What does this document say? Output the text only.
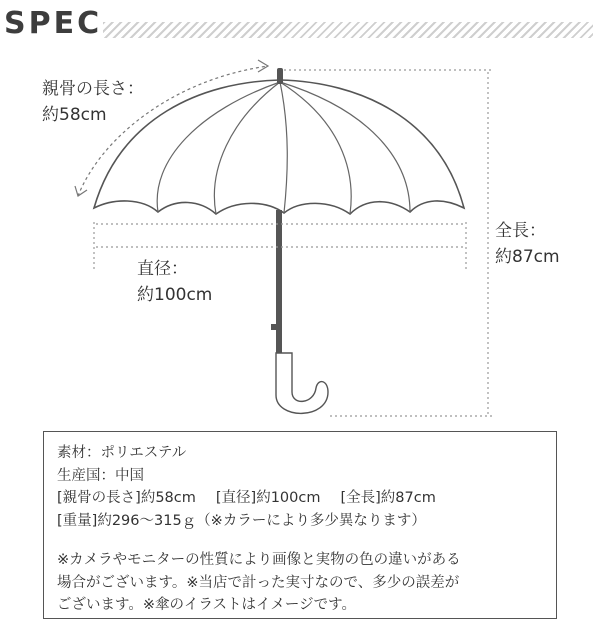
SPEC
親骨の長さ：
約58cm
直径：
約100cm
全長：
約87cm
素材：ポリエステル
生産国：中国
[親骨の長さ]約58cm [直径]約100cm [全長]約87cm
[重量]約296〜315ｇ（※カラーにより多少異なります）
※カメラやモニターの性質により画像と実物の色の違いがある
場合がございます。※当店で計った実寸なので、多少の誤差が
ございます。※傘のイラストはイメージです。
